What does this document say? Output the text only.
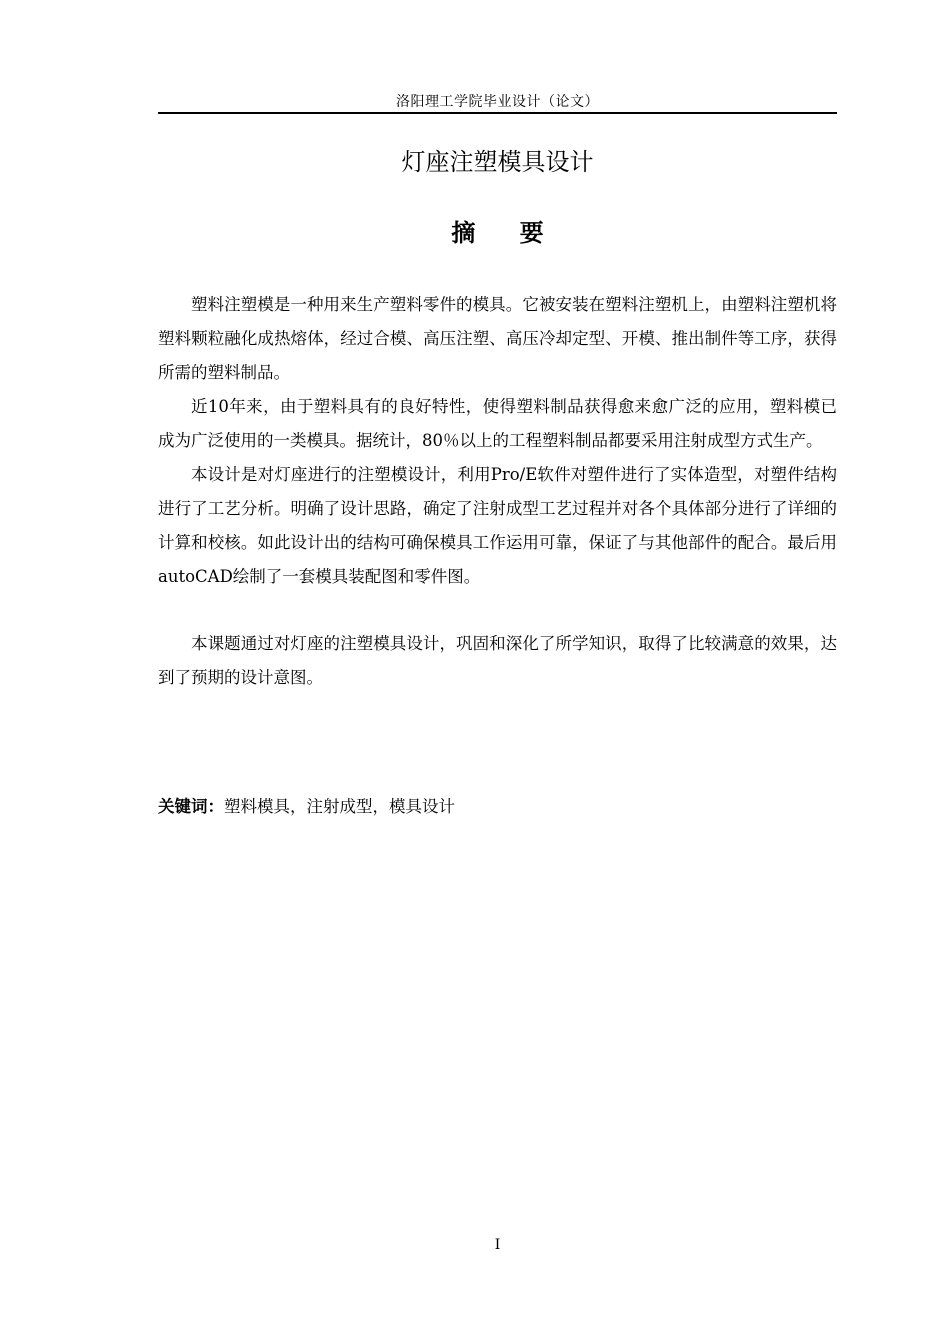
洛阳理工学院毕业设计（论文）
灯座注塑模具设计
摘 要

塑料注塑模是一种用来生产塑料零件的模具。它被安装在塑料注塑机上，由塑料注塑机将塑料颗粒融化成热熔体，经过合模、高压注塑、高压冷却定型、开模、推出制件等工序，获得所需的塑料制品。

近10年来，由于塑料具有的良好特性，使得塑料制品获得愈来愈广泛的应用，塑料模已成为广泛使用的一类模具。据统计，80％以上的工程塑料制品都要采用注射成型方式生产。

本设计是对灯座进行的注塑模设计，利用Pro/E软件对塑件进行了实体造型，对塑件结构进行了工艺分析。明确了设计思路，确定了注射成型工艺过程并对各个具体部分进行了详细的计算和校核。如此设计出的结构可确保模具工作运用可靠，保证了与其他部件的配合。最后用autoCAD绘制了一套模具装配图和零件图。

本课题通过对灯座的注塑模具设计，巩固和深化了所学知识，取得了比较满意的效果，达到了预期的设计意图。

关键词：塑料模具，注射成型，模具设计
I
